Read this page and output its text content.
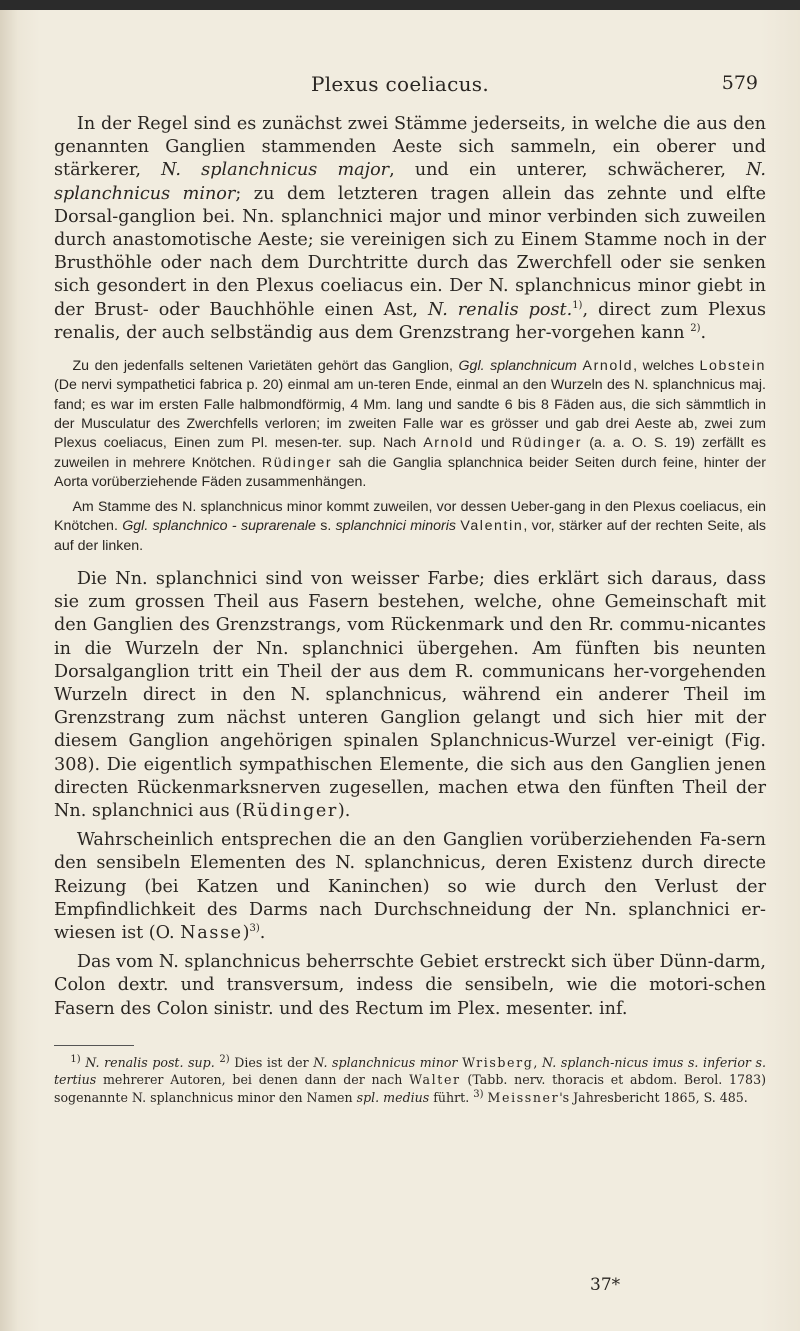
Plexus coeliacus.	579

In der Regel sind es zunächst zwei Stämme jederseits, in welche die aus den genannten Ganglien stammenden Aeste sich sammeln, ein oberer und stärkerer, N. splanchnicus major, und ein unterer, schwächerer, N. splanchnicus minor; zu dem letzteren tragen allein das zehnte und elfte Dorsal-ganglion bei. Nn. splanchnici major und minor verbinden sich zuweilen durch anastomotische Aeste; sie vereinigen sich zu Einem Stamme noch in der Brusthöhle oder nach dem Durchtritte durch das Zwerchfell oder sie senken sich gesondert in den Plexus coeliacus ein. Der N. splanchnicus minor giebt in der Brust- oder Bauchhöhle einen Ast, N. renalis post.$^{1)}$, direct zum Plexus renalis, der auch selbständig aus dem Grenzstrang her-vorgehen kann $^{2)}$.

Zu den jedenfalls seltenen Varietäten gehört das Ganglion, Ggl. splanchnicum Arnold, welches Lobstein (De nervi sympathetici fabrica p. 20) einmal am un-teren Ende, einmal an den Wurzeln des N. splanchnicus maj. fand; es war im ersten Falle halbmondförmig, 4 Mm. lang und sandte 6 bis 8 Fäden aus, die sich sämmtlich in der Musculatur des Zwerchfells verloren; im zweiten Falle war es grösser und gab drei Aeste ab, zwei zum Plexus coeliacus, Einen zum Pl. mesen-ter. sup. Nach Arnold und Rüdinger (a. a. O. S. 19) zerfällt es zuweilen in mehrere Knötchen. Rüdinger sah die Ganglia splanchnica beider Seiten durch feine, hinter der Aorta vorüberziehende Fäden zusammenhängen.

Am Stamme des N. splanchnicus minor kommt zuweilen, vor dessen Ueber-gang in den Plexus coeliacus, ein Knötchen. Ggl. splanchnico - suprarenale s. splanchnici minoris Valentin, vor, stärker auf der rechten Seite, als auf der linken.

Die Nn. splanchnici sind von weisser Farbe; dies erklärt sich daraus, dass sie zum grossen Theil aus Fasern bestehen, welche, ohne Gemeinschaft mit den Ganglien des Grenzstrangs, vom Rückenmark und den Rr. commu-nicantes in die Wurzeln der Nn. splanchnici übergehen. Am fünften bis neunten Dorsalganglion tritt ein Theil der aus dem R. communicans her-vorgehenden Wurzeln direct in den N. splanchnicus, während ein anderer Theil im Grenzstrang zum nächst unteren Ganglion gelangt und sich hier mit der diesem Ganglion angehörigen spinalen Splanchnicus-Wurzel ver-einigt (Fig. 308). Die eigentlich sympathischen Elemente, die sich aus den Ganglien jenen directen Rückenmarksnerven zugesellen, machen etwa den fünften Theil der Nn. splanchnici aus (Rüdinger).

Wahrscheinlich entsprechen die an den Ganglien vorüberziehenden Fa-sern den sensibeln Elementen des N. splanchnicus, deren Existenz durch directe Reizung (bei Katzen und Kaninchen) so wie durch den Verlust der Empfindlichkeit des Darms nach Durchschneidung der Nn. splanchnici er-wiesen ist (O. Nasse)$^{3)}$.

Das vom N. splanchnicus beherrschte Gebiet erstreckt sich über Dünn-darm, Colon dextr. und transversum, indess die sensibeln, wie die motori-schen Fasern des Colon sinistr. und des Rectum im Plex. mesenter. inf.

$^{1)}$ N. renalis post. sup. $^{2)}$ Dies ist der N. splanchnicus minor Wrisberg, N. splanch-nicus imus s. inferior s. tertius mehrerer Autoren, bei denen dann der nach Walter (Tabb. nerv. thoracis et abdom. Berol. 1783) sogenannte N. splanchnicus minor den Namen spl. medius führt. $^{3)}$ Meissner's Jahresbericht 1865, S. 485.

37*
